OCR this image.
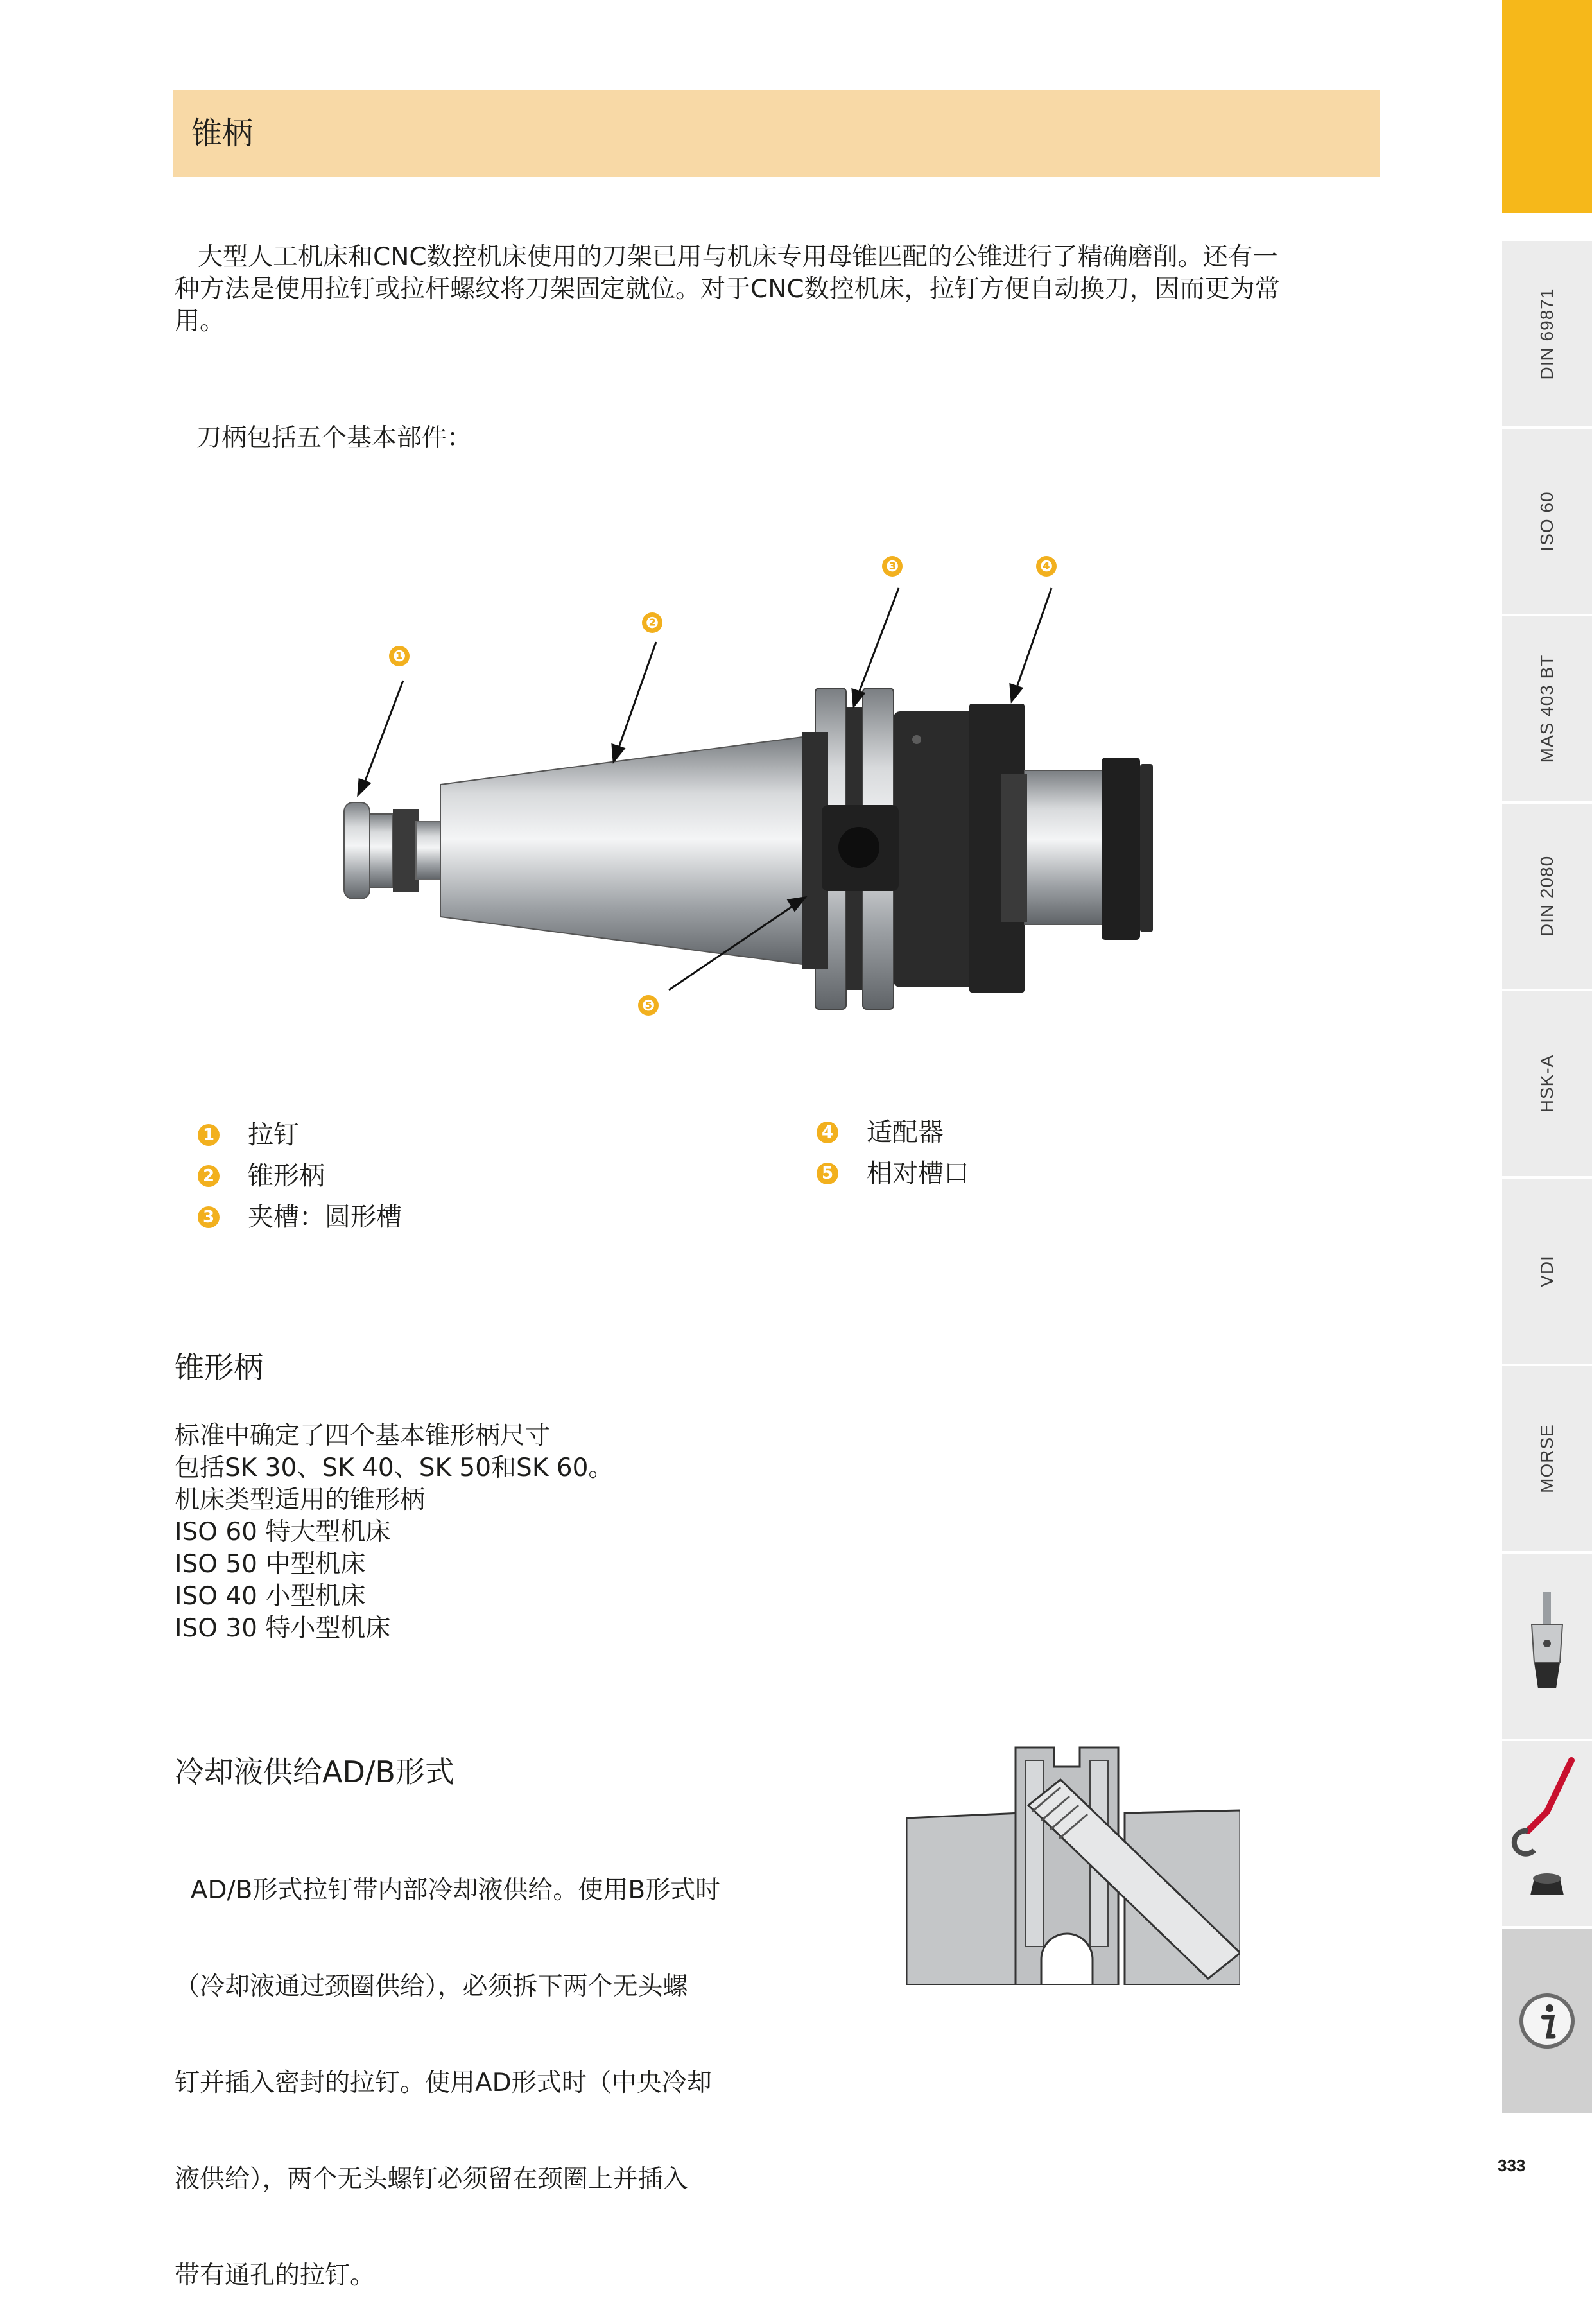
锥柄
大型人工机床和CNC数控机床使用的刀架已用与机床专用母锥匹配的公锥进行了精确磨削。还有一
种方法是使用拉钉或拉杆螺纹将刀架固定就位。对于CNC数控机床，拉钉方便自动换刀，因而更为常
用。
刀柄包括五个基本部件：
❶
❷
❸	❹
❺
1 拉钉
2 锥形柄
3 夹槽：圆形槽
4 适配器
5 相对槽口
锥形柄
标准中确定了四个基本锥形柄尺寸
包括SK 30、SK 40、SK 50和SK 60。
机床类型适用的锥形柄
ISO 60 特大型机床
ISO 50 中型机床
ISO 40 小型机床
ISO 30 特小型机床
冷却液供给AD/B形式

AD/B形式拉钉带内部冷却液供给。使用B形式时

（冷却液通过颈圈供给），必须拆下两个无头螺

钉并插入密封的拉钉。使用AD形式时（中央冷却

液供给），两个无头螺钉必须留在颈圈上并插入

带有通孔的拉钉。

DIN 69871
ISO 60
MAS 403 BT
DIN 2080
HSK-A
VDI
MORSE
333
